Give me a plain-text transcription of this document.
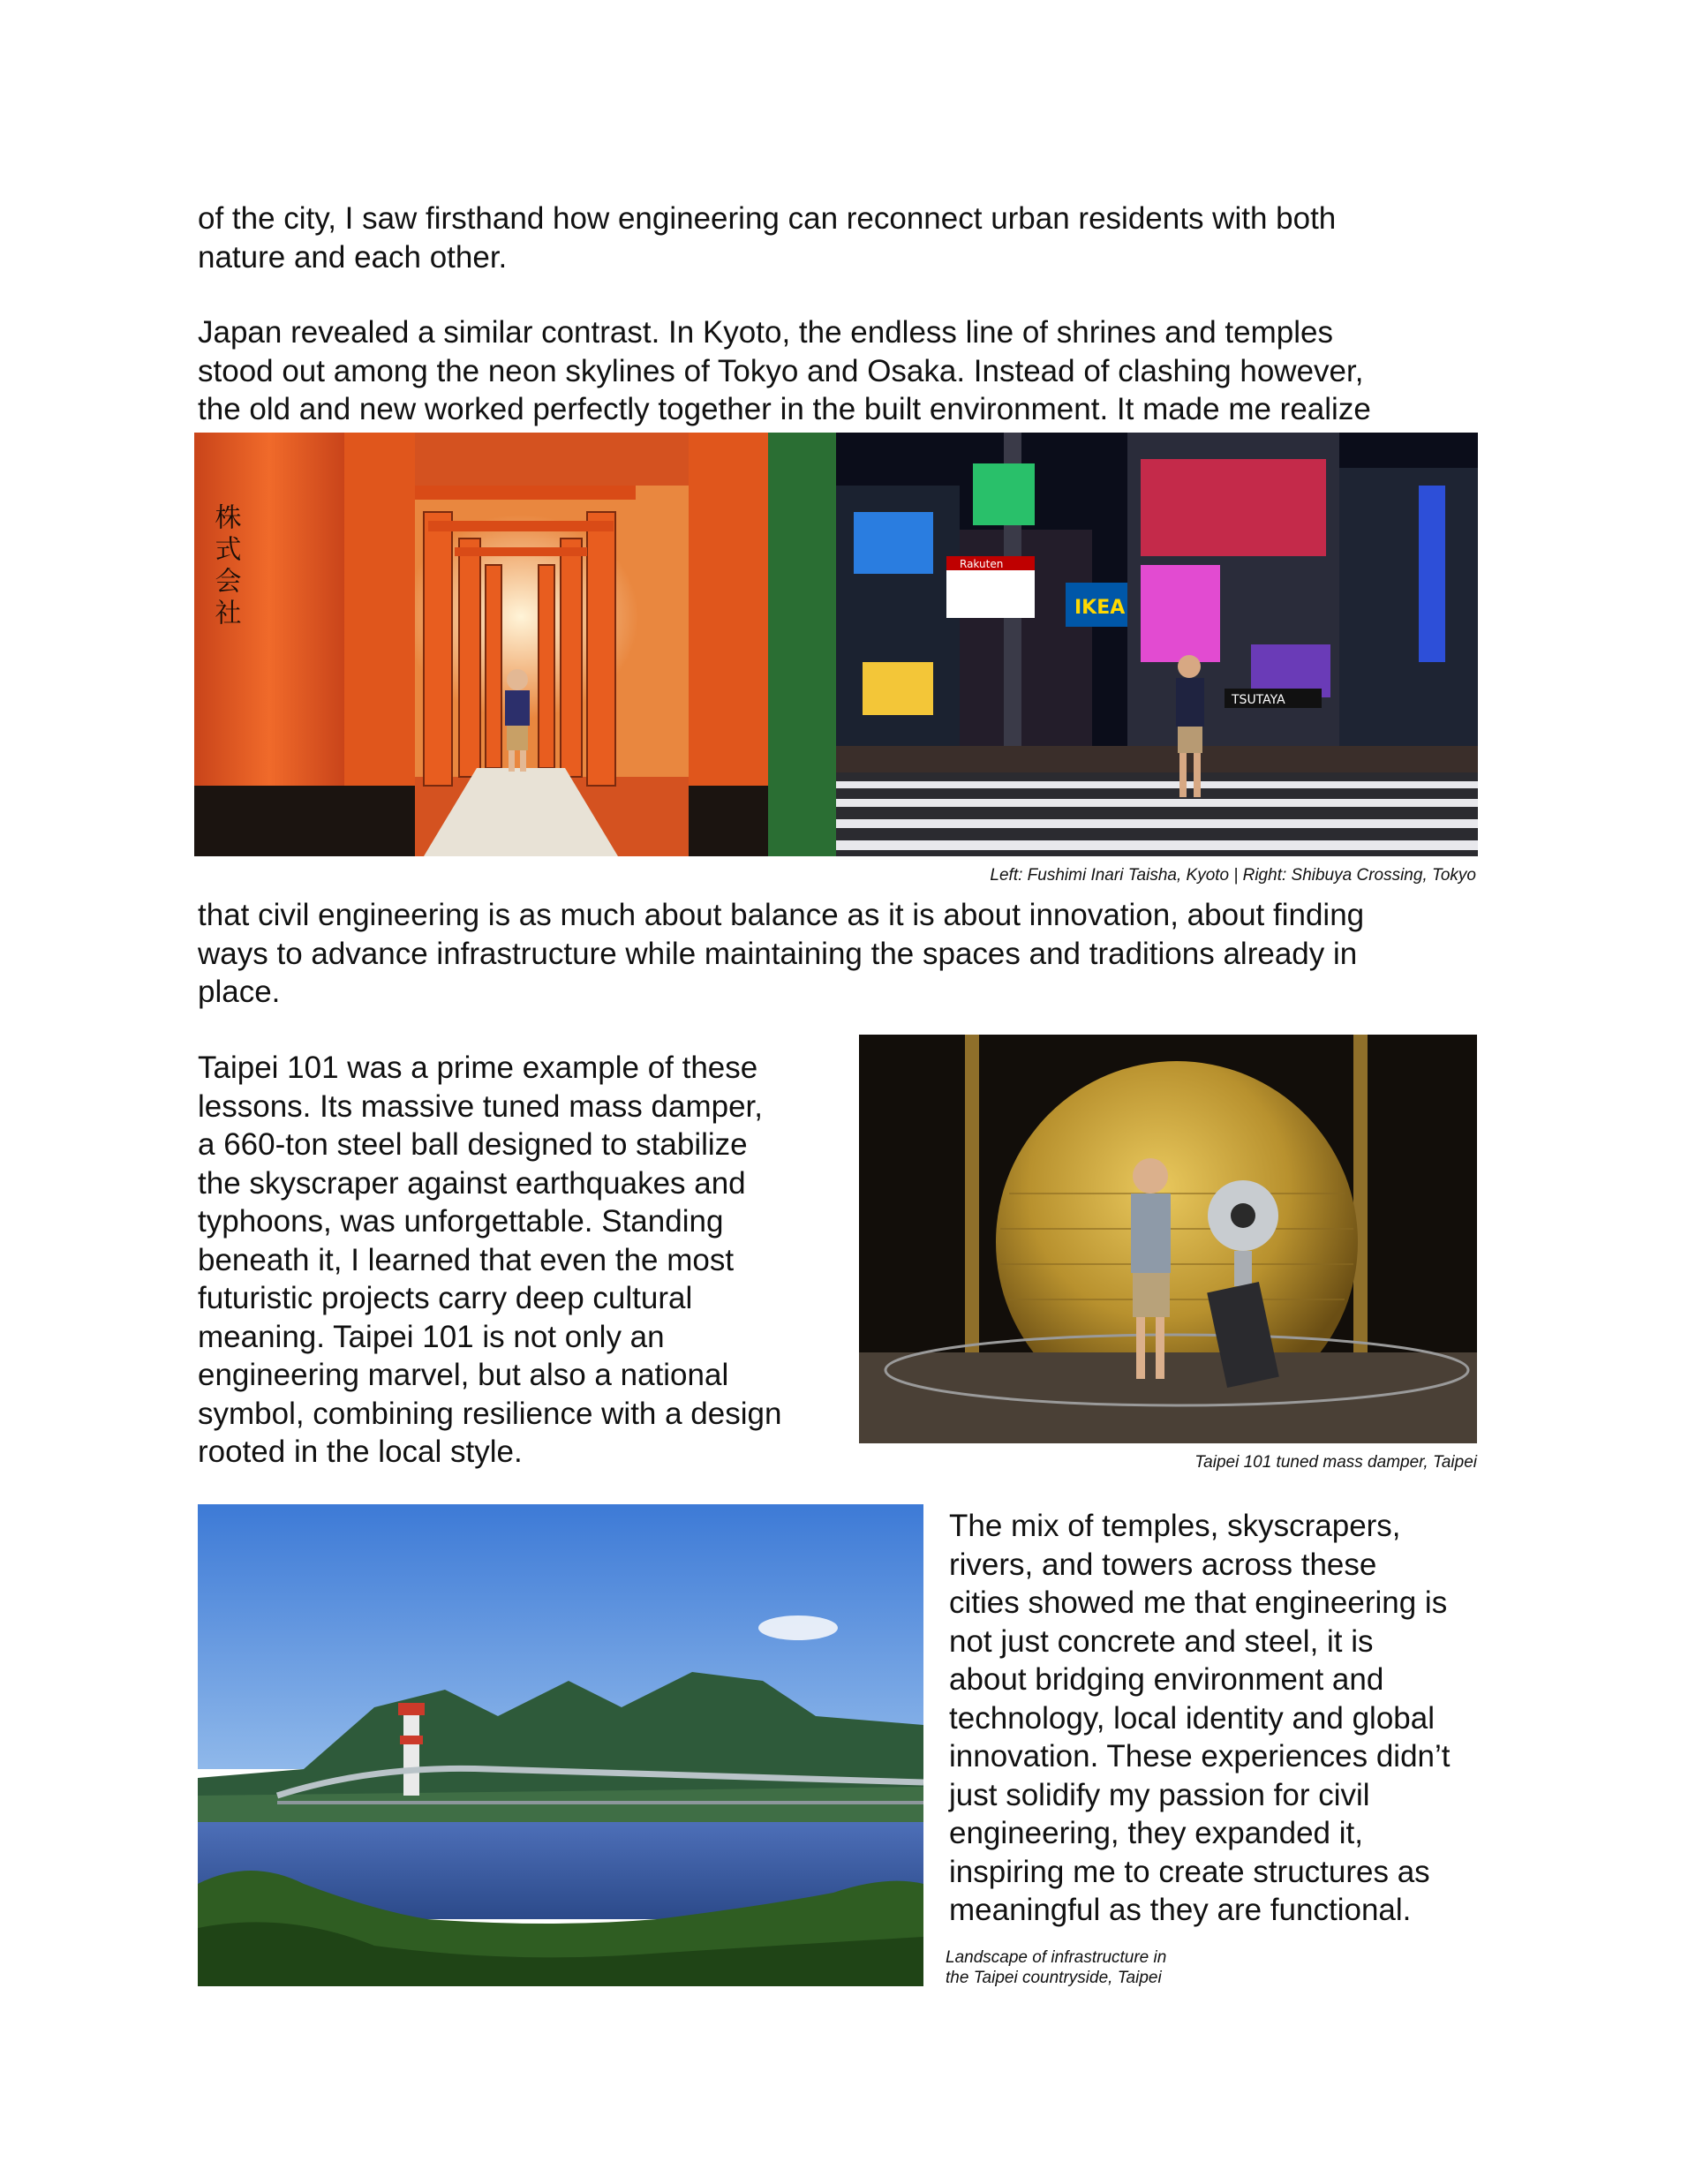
of the city, I saw firsthand how engineering can reconnect urban residents with both
nature and each other.

Japan revealed a similar contrast. In Kyoto, the endless line of shrines and temples
stood out among the neon skylines of Tokyo and Osaka. Instead of clashing however,
the old and new worked perfectly together in the built environment. It made me realize

株式会社	IKEA
Rakuten
TSUTAYA

Left: Fushimi Inari Taisha, Kyoto | Right: Shibuya Crossing, Tokyo

that civil engineering is as much about balance as it is about innovation, about finding
ways to advance infrastructure while maintaining the spaces and traditions already in
place.

Taipei 101 was a prime example of these
lessons. Its massive tuned mass damper,
a 660-ton steel ball designed to stabilize
the skyscraper against earthquakes and
typhoons, was unforgettable. Standing
beneath it, I learned that even the most
futuristic projects carry deep cultural
meaning. Taipei 101 is not only an
engineering marvel, but also a national
symbol, combining resilience with a design
rooted in the local style.	Taipei 101 tuned mass damper, Taipei

The mix of temples, skyscrapers,
rivers, and towers across these
cities showed me that engineering is
not just concrete and steel, it is
about bridging environment and
technology, local identity and global
innovation. These experiences didn’t
just solidify my passion for civil
engineering, they expanded it,
inspiring me to create structures as
meaningful as they are functional.

Landscape of infrastructure in
the Taipei countryside, Taipei
